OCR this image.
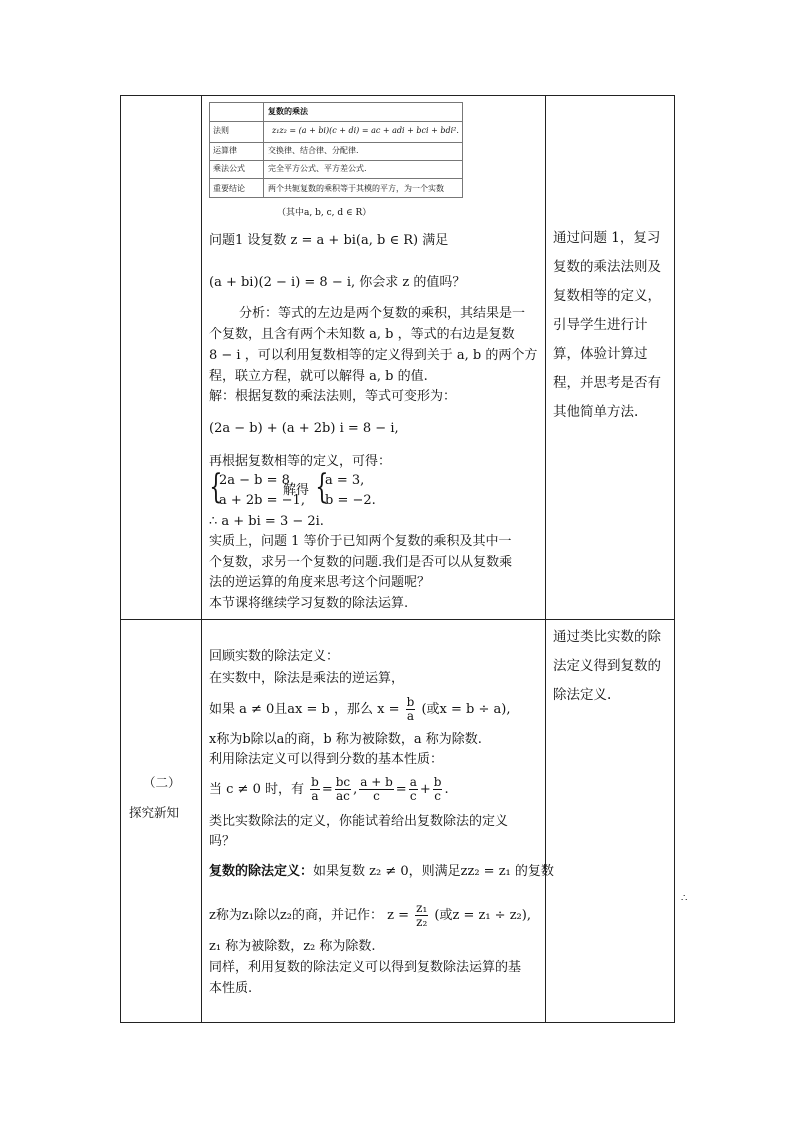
复数的乘法
法则	z₁z₂ = (a + bi)(c + di) = ac + adi + bci + bdi².
运算律	交换律、结合律、分配律.
乘法公式	完全平方公式、平方差公式.
重要结论	两个共轭复数的乘积等于其模的平方，为一个实数
（其中a, b, c, d ∈ R）
问题1 设复数 z = a + bi(a, b ∈ R) 满足
(a + bi)(2 − i) = 8 − i, 你会求 z 的值吗？
分析：等式的左边是两个复数的乘积，其结果是一
个复数，且含有两个未知数 a, b ，等式的右边是复数
8 − i ，可以利用复数相等的定义得到关于 a, b 的两个方
程，联立方程，就可以解得 a, b 的值.
解：根据复数的乘法法则，等式可变形为：
(2a − b) + (a + 2b) i = 8 − i,
再根据复数相等的定义，可得：
{
2a − b = 8,
a + 2b = −1,
解得 {
a = 3,
b = −2.
∴ a + bi = 3 − 2i.
实质上，问题 1 等价于已知两个复数的乘积及其中一
个复数，求另一个复数的问题.我们是否可以从复数乘
法的逆运算的角度来思考这个问题呢？
本节课将继续学习复数的除法运算.
通过问题 1，复习复数的乘法法则及复数相等的定义，引导学生进行计算，体验计算过程，并思考是否有其他简单方法.
（二）
探究新知
回顾实数的除法定义：
在实数中，除法是乘法的逆运算，
如果 a ≠ 0且ax = b ，那么 $x = \frac{b}{a}$ (或x = b ÷ a),
x称为b除以a的商，b 称为被除数，a 称为除数.
利用除法定义可以得到分数的基本性质：
当 c ≠ 0 时，有 $\frac{b}{a} = \frac{bc}{ac}$ , $\frac{a + b}{c} = \frac{a}{c} + \frac{b}{c}$ .
类比实数除法的定义，你能试着给出复数除法的定义
吗？
复数的除法定义：如果复数 z₂ ≠ 0，则满足zz₂ = z₁ 的复数
z称为z₁除以z₂的商，并记作： $z = \frac{\text{z₁}}{\text{z₂}}$ (或z = z₁ ÷ z₂),
z₁ 称为被除数，z₂ 称为除数.
同样，利用复数的除法定义可以得到复数除法运算的基
本性质.
通过类比实数的除法定义得到复数的除法定义.
∴
